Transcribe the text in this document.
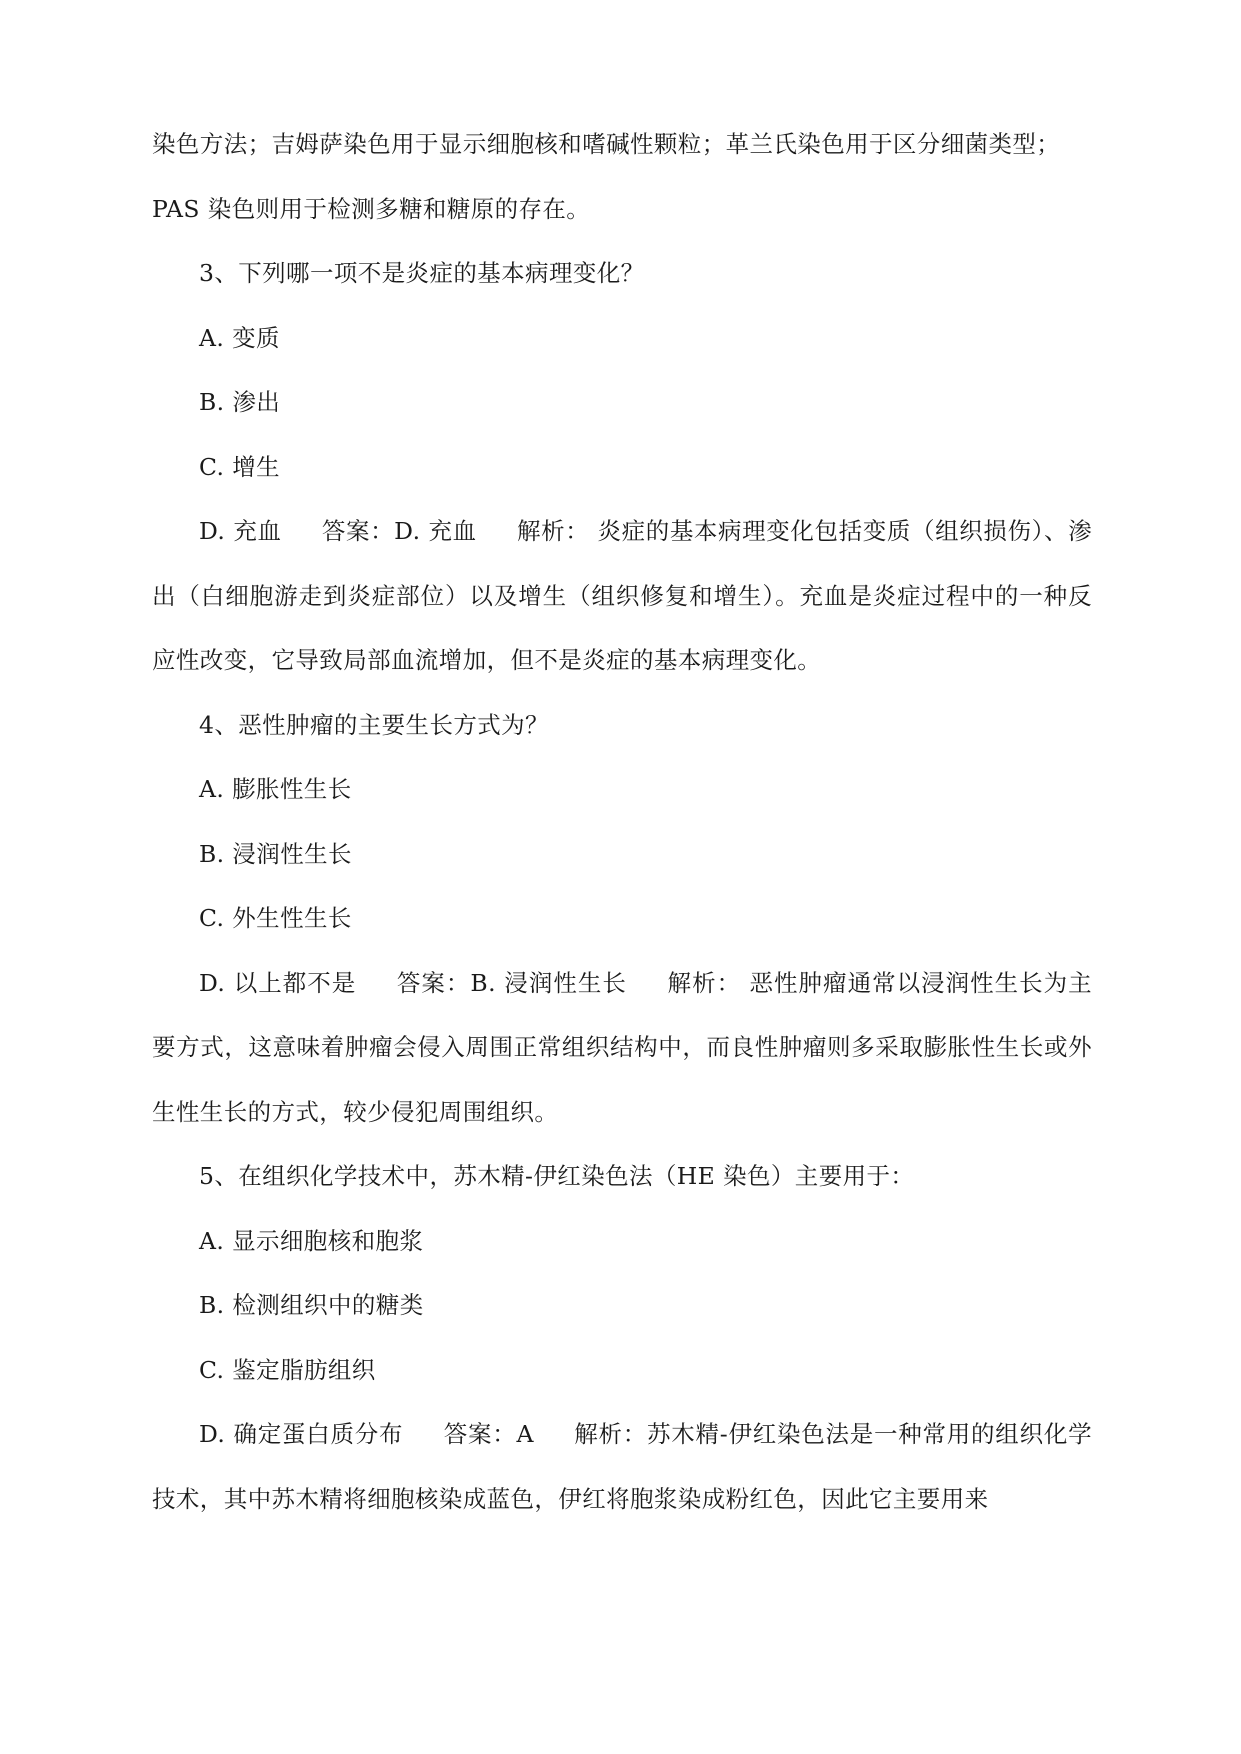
染色方法；吉姆萨染色用于显示细胞核和嗜碱性颗粒；革兰氏染色用于区分细菌类型；

PAS 染色则用于检测多糖和糖原的存在。

3、下列哪一项不是炎症的基本病理变化？

A. 变质

B. 渗出

C. 增生

D. 充血 答案：D. 充血 解析： 炎症的基本病理变化包括变质（组织损伤）、渗出（白细胞游走到炎症部位）以及增生（组织修复和增生）。充血是炎症过程中的一种反应性改变，它导致局部血流增加，但不是炎症的基本病理变化。

4、恶性肿瘤的主要生长方式为？

A. 膨胀性生长

B. 浸润性生长

C. 外生性生长

D. 以上都不是 答案：B. 浸润性生长 解析： 恶性肿瘤通常以浸润性生长为主要方式，这意味着肿瘤会侵入周围正常组织结构中，而良性肿瘤则多采取膨胀性生长或外生性生长的方式，较少侵犯周围组织。

5、在组织化学技术中，苏木精-伊红染色法（HE 染色）主要用于：

A. 显示细胞核和胞浆

B. 检测组织中的糖类

C. 鉴定脂肪组织

D. 确定蛋白质分布 答案：A 解析：苏木精-伊红染色法是一种常用的组织化学技术，其中苏木精将细胞核染成蓝色，伊红将胞浆染成粉红色，因此它主要用来
